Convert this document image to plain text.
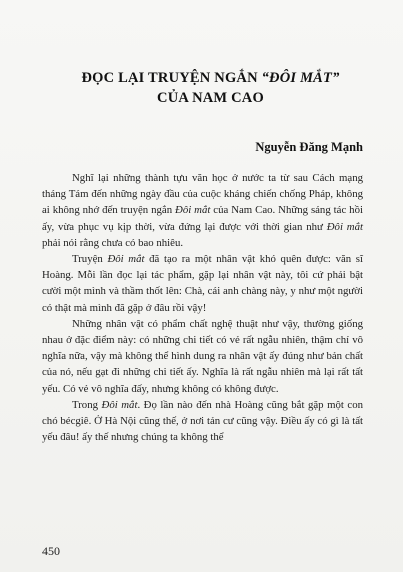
ĐỌC LẠI TRUYỆN NGẮN “ĐÔI MẮT”
CỦA NAM CAO
Nguyễn Đăng Mạnh

Nghĩ lại những thành tựu văn học ở nước ta từ sau Cách mạng tháng Tám đến những ngày đầu của cuộc kháng chiến chống Pháp, không ai không nhớ đến truyện ngắn Đôi mắt của Nam Cao. Những sáng tác hồi ấy, vừa phục vụ kịp thời, vừa đứng lại được với thời gian như Đôi mắt phải nói rằng chưa có bao nhiêu.

Truyện Đôi mắt đã tạo ra một nhân vật khó quên được: văn sĩ Hoàng. Mỗi lần đọc lại tác phẩm, gặp lại nhân vật này, tôi cứ phải bật cười một mình và thầm thốt lên: Chà, cái anh chàng này, y như một người có thật mà mình đã gặp ở đâu rồi vậy!

Những nhân vật có phẩm chất nghệ thuật như vậy, thường giống nhau ở đặc điểm này: có những chi tiết có vẻ rất ngẫu nhiên, thậm chí vô nghĩa nữa, vậy mà không thể hình dung ra nhân vật ấy đúng như bản chất của nó, nếu gạt đi những chi tiết ấy. Nghĩa là rất ngẫu nhiên mà lại rất tất yếu. Có vẻ vô nghĩa đấy, nhưng không có không được.

Trong Đôi mắt. Đọ lần nào đến nhà Hoàng cũng bắt gặp một con chó bécgiê. Ở Hà Nội cũng thế, ở nơi tản cư cũng vậy. Điều ấy có gì là tất yếu đâu! ấy thế nhưng chúng ta không thể

450
